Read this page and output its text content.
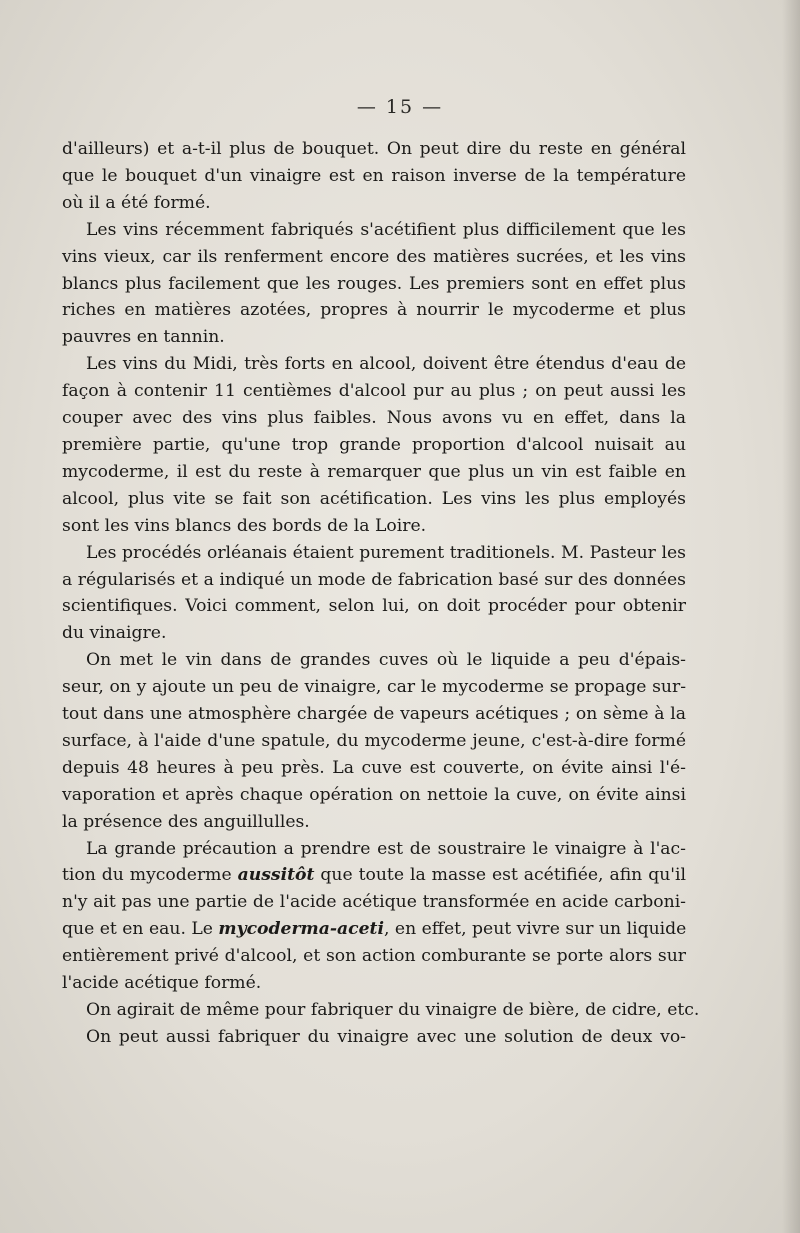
— 15 —
d'ailleurs) et a-t-il plus de bouquet. On peut dire du reste en général
que le bouquet d'un vinaigre est en raison inverse de la température
où il a été formé.
Les vins récemment fabriqués s'acétifient plus difficilement que les
vins vieux, car ils renferment encore des matières sucrées, et les vins
blancs plus facilement que les rouges. Les premiers sont en effet plus
riches en matières azotées, propres à nourrir le mycoderme et plus
pauvres en tannin.
Les vins du Midi, très forts en alcool, doivent être étendus d'eau de
façon à contenir 11 centièmes d'alcool pur au plus ; on peut aussi les
couper avec des vins plus faibles. Nous avons vu en effet, dans la
première partie, qu'une trop grande proportion d'alcool nuisait au
mycoderme, il est du reste à remarquer que plus un vin est faible en
alcool, plus vite se fait son acétification. Les vins les plus employés
sont les vins blancs des bords de la Loire.
Les procédés orléanais étaient purement traditionels. M. Pasteur les
a régularisés et a indiqué un mode de fabrication basé sur des données
scientifiques. Voici comment, selon lui, on doit procéder pour obtenir
du vinaigre.
On met le vin dans de grandes cuves où le liquide a peu d'épais-
seur, on y ajoute un peu de vinaigre, car le mycoderme se propage sur-
tout dans une atmosphère chargée de vapeurs acétiques ; on sème à la
surface, à l'aide d'une spatule, du mycoderme jeune, c'est-à-dire formé
depuis 48 heures à peu près. La cuve est couverte, on évite ainsi l'é-
vaporation et après chaque opération on nettoie la cuve, on évite ainsi
la présence des anguillulles.
La grande précaution a prendre est de soustraire le vinaigre à l'ac-
tion du mycoderme aussitôt que toute la masse est acétifiée, afin qu'il
n'y ait pas une partie de l'acide acétique transformée en acide carboni-
que et en eau. Le mycoderma-aceti, en effet, peut vivre sur un liquide
entièrement privé d'alcool, et son action comburante se porte alors sur
l'acide acétique formé.
On agirait de même pour fabriquer du vinaigre de bière, de cidre, etc.
On peut aussi fabriquer du vinaigre avec une solution de deux vo-
